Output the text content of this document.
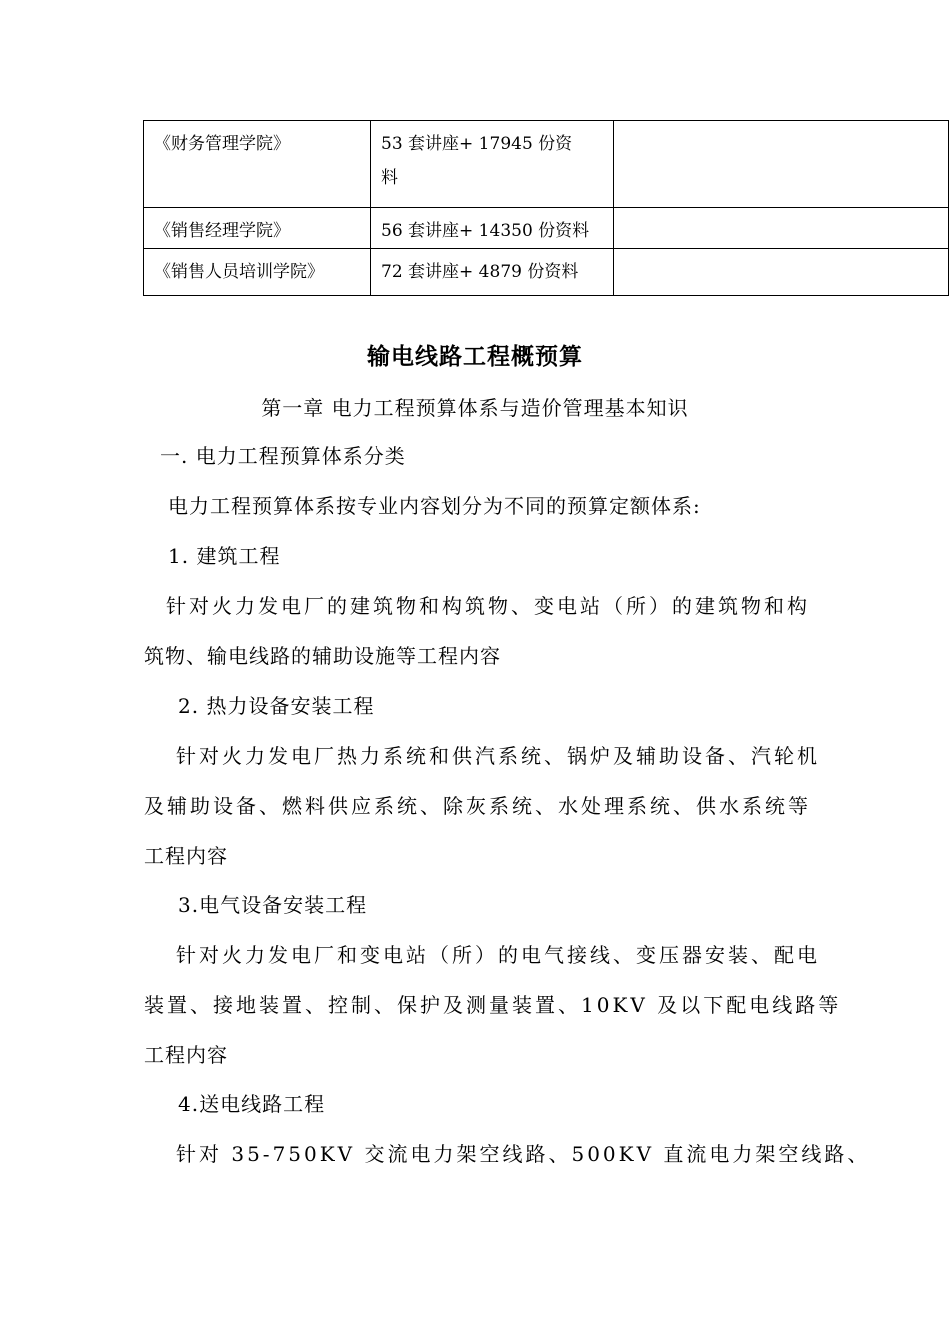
《财务管理学院》	53 套讲座+ 17945 份资
料	
《销售经理学院》	56 套讲座+ 14350 份资料	
《销售人员培训学院》	72 套讲座+ 4879 份资料	
输电线路工程概预算
第一章 电力工程预算体系与造价管理基本知识
一. 电力工程预算体系分类
电力工程预算体系按专业内容划分为不同的预算定额体系:
1. 建筑工程
针对火力发电厂的建筑物和构筑物、变电站（所）的建筑物和构
筑物、输电线路的辅助设施等工程内容
2. 热力设备安装工程
针对火力发电厂热力系统和供汽系统、锅炉及辅助设备、汽轮机
及辅助设备、燃料供应系统、除灰系统、水处理系统、供水系统等
工程内容
3.电气设备安装工程
针对火力发电厂和变电站（所）的电气接线、变压器安装、配电
装置、接地装置、控制、保护及测量装置、10KV 及以下配电线路等
工程内容
4.送电线路工程
针对 35-750KV 交流电力架空线路、500KV 直流电力架空线路、
